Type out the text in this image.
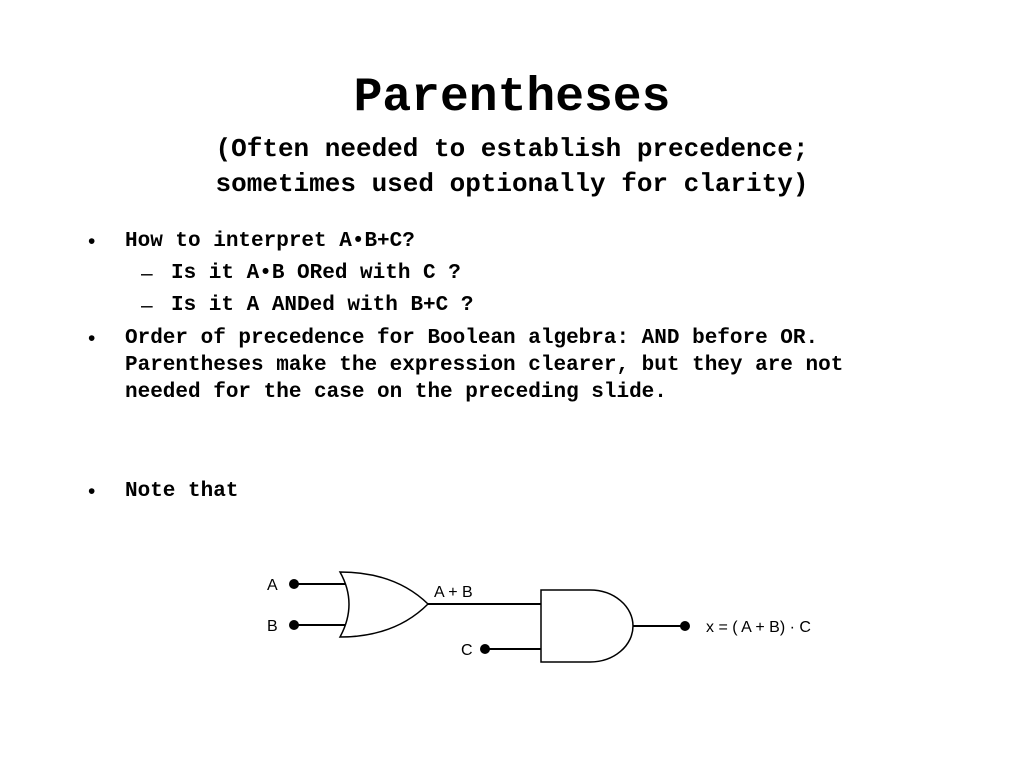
Parentheses
(Often needed to establish precedence;
sometimes used optionally for clarity)
• How to interpret A•B+C?
– Is it A•B ORed with C ?
– Is it A ANDed with B+C ?
• Order of precedence for Boolean algebra: AND before OR.
Parentheses make the expression clearer, but they are not
needed for the case on the preceding slide.
• Note that
A
B
C
A + B
x = ( A + B) · C
